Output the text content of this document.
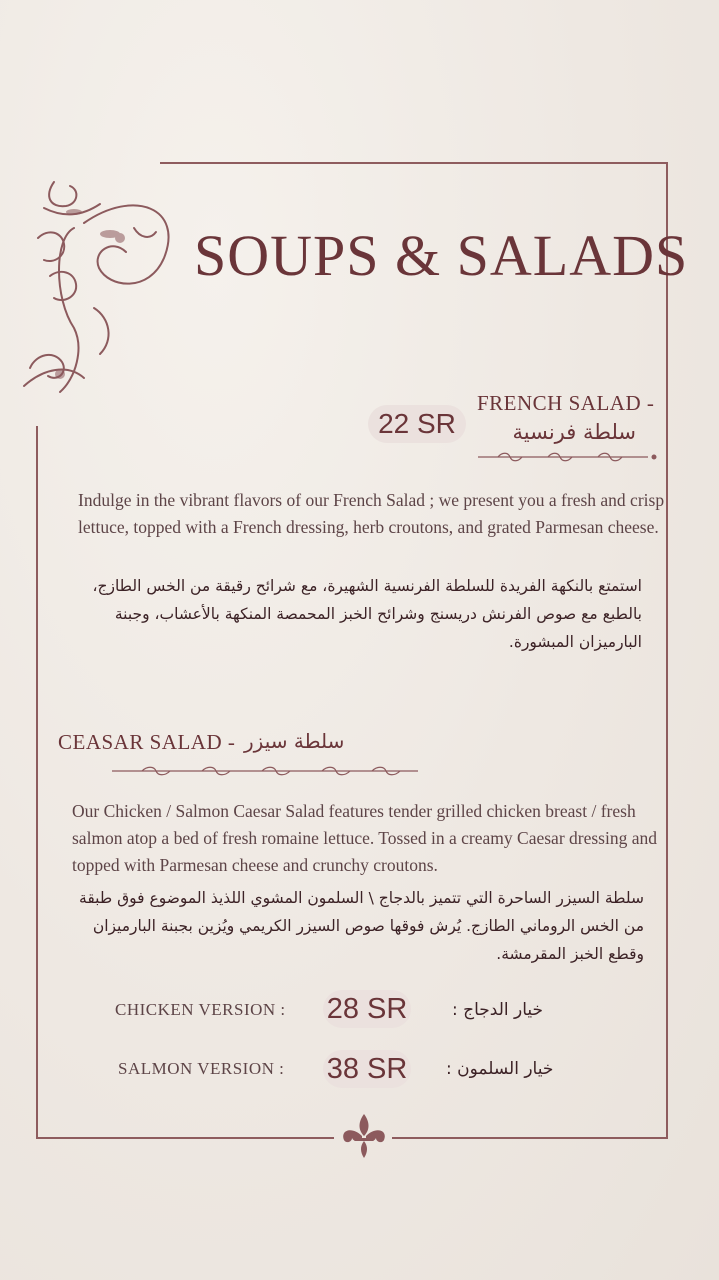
SOUPS & SALADS
22 SR
FRENCH SALAD -
سلطة فرنسية
Indulge in the vibrant flavors of our French Salad ; we present you a fresh and crisp lettuce, topped with a French dressing, herb croutons, and grated Parmesan cheese.
استمتع بالنكهة الفريدة للسلطة الفرنسية الشهيرة، مع شرائح رقيقة من الخس الطازج، بالطبع مع صوص الفرنش دريسنج وشرائح الخبز المحمصة المنكهة بالأعشاب، وجبنة البارميزان المبشورة.
CEASAR SALAD - سلطة سيزر
Our Chicken / Salmon Caesar Salad features tender grilled chicken breast / fresh salmon atop a bed of fresh romaine lettuce. Tossed in a creamy Caesar dressing and topped with Parmesan cheese and crunchy croutons.
سلطة السيزر الساحرة التي تتميز بالدجاج \ السلمون المشوي اللذيذ الموضوع فوق طبقة من الخس الروماني الطازج. يُرش فوقها صوص السيزر الكريمي ويُزين بجبنة البارميزان وقطع الخبز المقرمشة.
CHICKEN VERSION : 28 SR	خيار الدجاج :
SALMON VERSION : 38 SR خيار السلمون :
